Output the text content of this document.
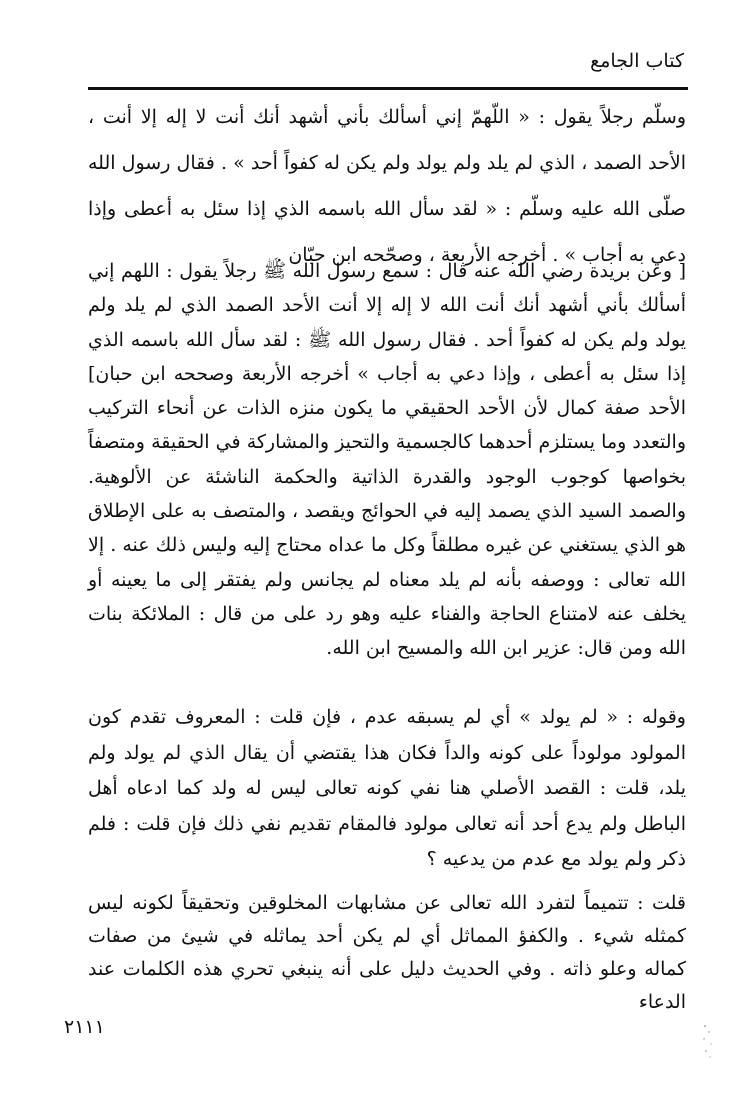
كتاب الجامع

وسلّم رجلاً يقول : « اللّهمّ إني أسألك بأني أشهد أنك أنت لا إله إلا أنت ، الأحد الصمد ، الذي لم يلد ولم يولد ولم يكن له كفواً أحد » . فقال رسول الله صلّى الله عليه وسلّم : « لقد سأل الله باسمه الذي إذا سئل به أعطى وإذا دعي به أجاب » . أخرجه الأربعة ، وصحّحه ابن حبّان .

[ وعن بريدة رضي الله عنه قال : سمع رسول الله ﷺ رجلاً يقول : اللهم إني أسألك بأني أشهد أنك أنت الله لا إله إلا أنت الأحد الصمد الذي لم يلد ولم يولد ولم يكن له كفواً أحد . فقال رسول الله ﷺ : لقد سأل الله باسمه الذي إذا سئل به أعطى ، وإذا دعي به أجاب » أخرجه الأربعة وصححه ابن حبان] الأحد صفة كمال لأن الأحد الحقيقي ما يكون منزه الذات عن أنحاء التركيب والتعدد وما يستلزم أحدهما كالجسمية والتحيز والمشاركة في الحقيقة ومتصفاً بخواصها كوجوب الوجود والقدرة الذاتية والحكمة الناشئة عن الألوهية. والصمد السيد الذي يصمد إليه في الحوائج ويقصد ، والمتصف به على الإطلاق هو الذي يستغني عن غيره مطلقاً وكل ما عداه محتاج إليه وليس ذلك عنه . إلا الله تعالى : ووصفه بأنه لم يلد معناه لم يجانس ولم يفتقر إلى ما يعينه أو يخلف عنه لامتناع الحاجة والفناء عليه وهو رد على من قال : الملائكة بنات الله ومن قال: عزير ابن الله والمسيح ابن الله.

وقوله : « لم يولد » أي لم يسبقه عدم ، فإن قلت : المعروف تقدم كون المولود مولوداً على كونه والداً فكان هذا يقتضي أن يقال الذي لم يولد ولم يلد، قلت : القصد الأصلي هنا نفي كونه تعالى ليس له ولد كما ادعاه أهل الباطل ولم يدع أحد أنه تعالى مولود فالمقام تقديم نفي ذلك فإن قلت : فلم ذكر ولم يولد مع عدم من يدعيه ؟

قلت : تتميماً لتفرد الله تعالى عن مشابهات المخلوقين وتحقيقاً لكونه ليس كمثله شيء . والكفؤ المماثل أي لم يكن أحد يماثله في شيئ من صفات كماله وعلو ذاته . وفي الحديث دليل على أنه ينبغي تحري هذه الكلمات عند الدعاء

٢١١١
